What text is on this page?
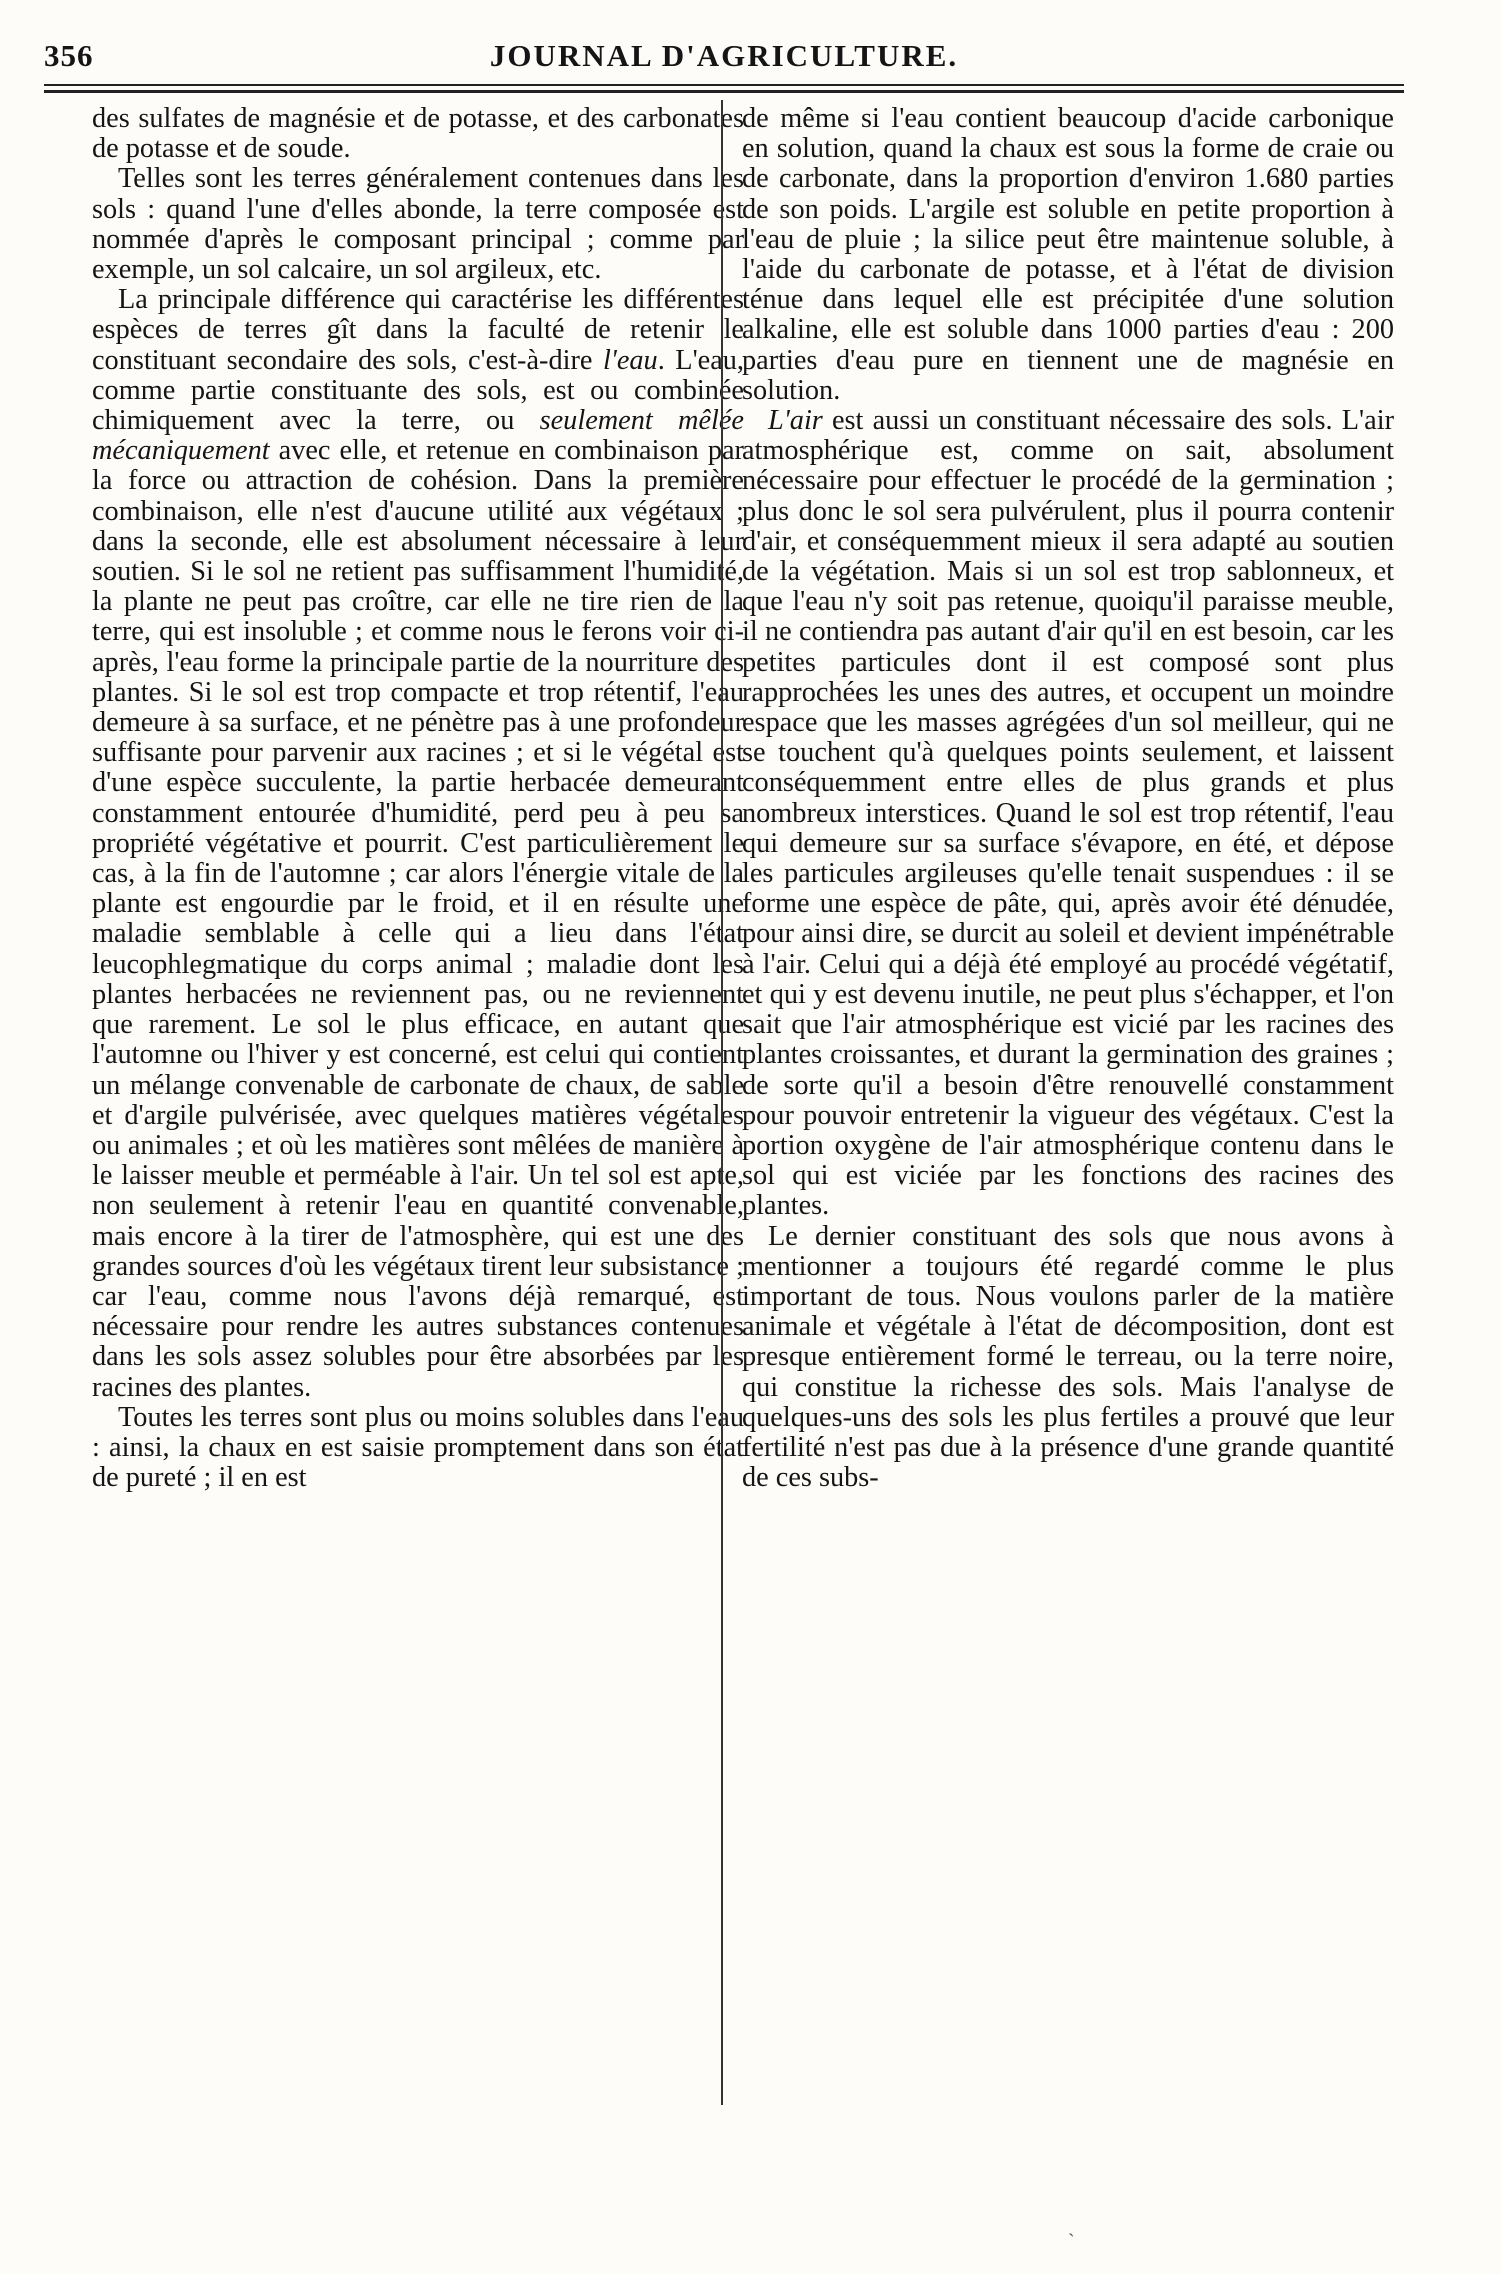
356	JOURNAL D'AGRICULTURE.

des sulfates de magnésie et de potasse, et des carbonates de potasse et de soude.

Telles sont les terres généralement contenues dans les sols : quand l'une d'elles abonde, la terre composée est nommée d'après le composant principal ; comme par exemple, un sol calcaire, un sol argileux, etc.

La principale différence qui caractérise les différentes espèces de terres gît dans la faculté de retenir le constituant secondaire des sols, c'est-à-dire l'eau. L'eau, comme partie constituante des sols, est ou combinée chimiquement avec la terre, ou seulement mêlée mécaniquement avec elle, et retenue en combinaison par la force ou attraction de cohésion. Dans la première combinaison, elle n'est d'aucune utilité aux végétaux ; dans la seconde, elle est absolument nécessaire à leur soutien. Si le sol ne retient pas suffisamment l'humidité, la plante ne peut pas croître, car elle ne tire rien de la terre, qui est insoluble ; et comme nous le ferons voir ci-après, l'eau forme la principale partie de la nourriture des plantes. Si le sol est trop compacte et trop rétentif, l'eau demeure à sa surface, et ne pénètre pas à une profondeur suffisante pour parvenir aux racines ; et si le végétal est d'une espèce succulente, la partie herbacée demeurant constamment entourée d'humidité, perd peu à peu sa propriété végétative et pourrit. C'est particulièrement le cas, à la fin de l'automne ; car alors l'énergie vitale de la plante est engourdie par le froid, et il en résulte une maladie semblable à celle qui a lieu dans l'état leucophlegmatique du corps animal ; maladie dont les plantes herbacées ne reviennent pas, ou ne reviennent que rarement. Le sol le plus efficace, en autant que l'automne ou l'hiver y est concerné, est celui qui contient un mélange convenable de carbonate de chaux, de sable et d'argile pulvérisée, avec quelques matières végétales ou animales ; et où les matières sont mêlées de manière à le laisser meuble et perméable à l'air. Un tel sol est apte, non seulement à retenir l'eau en quantité convenable, mais encore à la tirer de l'atmosphère, qui est une des grandes sources d'où les végétaux tirent leur subsistance ; car l'eau, comme nous l'avons déjà remarqué, est nécessaire pour rendre les autres substances contenues dans les sols assez solubles pour être absorbées par les racines des plantes.

Toutes les terres sont plus ou moins solubles dans l'eau : ainsi, la chaux en est saisie promptement dans son état de pureté ; il en est

de même si l'eau contient beaucoup d'acide carbonique en solution, quand la chaux est sous la forme de craie ou de carbonate, dans la proportion d'environ 1.680 parties de son poids. L'argile est soluble en petite proportion à l'eau de pluie ; la silice peut être maintenue soluble, à l'aide du carbonate de potasse, et à l'état de division ténue dans lequel elle est précipitée d'une solution alkaline, elle est soluble dans 1000 parties d'eau : 200 parties d'eau pure en tiennent une de magnésie en solution.

L'air est aussi un constituant nécessaire des sols. L'air atmosphérique est, comme on sait, absolument nécessaire pour effectuer le procédé de la germination ; plus donc le sol sera pulvérulent, plus il pourra contenir d'air, et conséquemment mieux il sera adapté au soutien de la végétation. Mais si un sol est trop sablonneux, et que l'eau n'y soit pas retenue, quoiqu'il paraisse meuble, il ne contiendra pas autant d'air qu'il en est besoin, car les petites particules dont il est composé sont plus rapprochées les unes des autres, et occupent un moindre espace que les masses agrégées d'un sol meilleur, qui ne se touchent qu'à quelques points seulement, et laissent conséquemment entre elles de plus grands et plus nombreux interstices. Quand le sol est trop rétentif, l'eau qui demeure sur sa surface s'évapore, en été, et dépose les particules argileuses qu'elle tenait suspendues : il se forme une espèce de pâte, qui, après avoir été dénudée, pour ainsi dire, se durcit au soleil et devient impénétrable à l'air. Celui qui a déjà été employé au procédé végétatif, et qui y est devenu inutile, ne peut plus s'échapper, et l'on sait que l'air atmosphérique est vicié par les racines des plantes croissantes, et durant la germination des graines ; de sorte qu'il a besoin d'être renouvellé constamment pour pouvoir entretenir la vigueur des végétaux. C'est la portion oxygène de l'air atmosphérique contenu dans le sol qui est viciée par les fonctions des racines des plantes.

Le dernier constituant des sols que nous avons à mentionner a toujours été regardé comme le plus important de tous. Nous voulons parler de la matière animale et végétale à l'état de décomposition, dont est presque entièrement formé le terreau, ou la terre noire, qui constitue la richesse des sols. Mais l'analyse de quelques-uns des sols les plus fertiles a prouvé que leur fertilité n'est pas due à la présence d'une grande quantité de ces subs-

ˏ
